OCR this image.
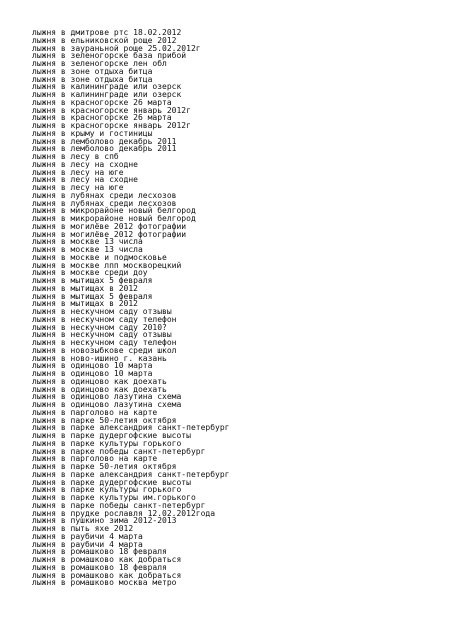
лыжня в дмитрове ртс 18.02.2012
лыжня в ельниковской роще 2012
лыжня в заураньной роще 25.02.2012г
лыжня в зеленогорске база прибой
лыжня в зеленогорске лен обл
лыжня в зоне отдыха битца
лыжня в зоне отдыха битца
лыжня в калининграде или озерск
лыжня в калининграде или озерск
лыжня в красногорске 26 марта
лыжня в красногорске январь 2012г
лыжня в красногорске 26 марта
лыжня в красногорске январь 2012г
лыжня в крыму и гостиницы
лыжня в лемболово декабрь 2011
лыжня в лемболово декабрь 2011
лыжня в лесу в спб
лыжня в лесу на сходне
лыжня в лесу на юге
лыжня в лесу на сходне
лыжня в лесу на юге
лыжня в лубянах среди лесхозов
лыжня в лубянах среди лесхозов
лыжня в микрорайоне новый белгород
лыжня в микрорайоне новый белгород
лыжня в могилёве 2012 фотографии
лыжня в могилёве 2012 фотографии
лыжня в москве 13 числа
лыжня в москве 13 числа
лыжня в москве и подмосковье
лыжня в москве лпп москворецкий
лыжня в москве среди доу
лыжня в мытищах 5 февраля
лыжня в мытищах в 2012
лыжня в мытищах 5 февраля
лыжня в мытищах в 2012
лыжня в нескучном саду отзывы
лыжня в нескучном саду телефон
лыжня в нескучном саду 2010?
лыжня в нескучном саду отзывы
лыжня в нескучном саду телефон
лыжня в новозыбкове среди школ
лыжня в ново-ишино г. казань
лыжня в одинцово 10 марта
лыжня в одинцово 10 марта
лыжня в одинцово как доехать
лыжня в одинцово как доехать
лыжня в одинцово лазутина схема
лыжня в одинцово лазутина схема
лыжня в парголово на карте
лыжня в парке 50-летия октября
лыжня в парке александрия санкт-петербург
лыжня в парке дудергофские высоты
лыжня в парке культуры горького
лыжня в парке победы санкт-петербург
лыжня в парголово на карте
лыжня в парке 50-летия октября
лыжня в парке александрия санкт-петербург
лыжня в парке дудергофские высоты
лыжня в парке культуры горького
лыжня в парке культуры им.горького
лыжня в парке победы санкт-петербург
лыжня в прудке рославля 12.02.2012года
лыжня в пушкино зима 2012-2013
лыжня в пыть яхе 2012
лыжня в раубичи 4 марта
лыжня в раубичи 4 марта
лыжня в ромашково 18 февраля
лыжня в ромашково как добраться
лыжня в ромашково 18 февраля
лыжня в ромашково как добраться
лыжня в ромашково москва метро
